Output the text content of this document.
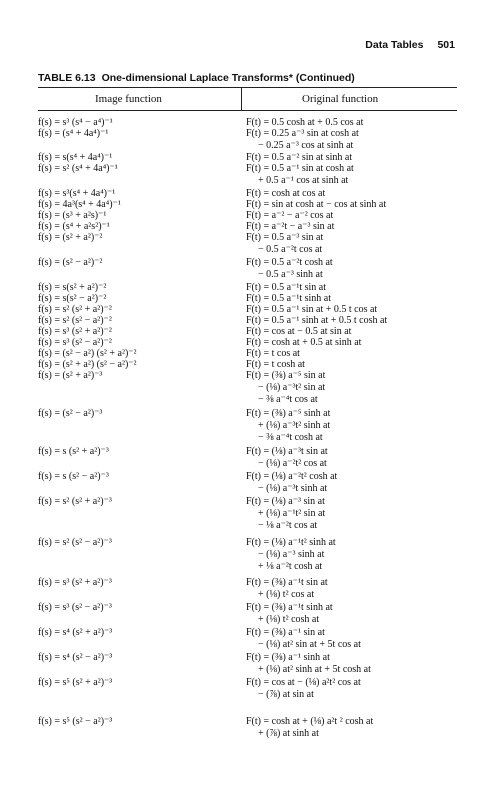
Data Tables 501
TABLE 6.13 One-dimensional Laplace Transforms* (Continued)
Image function	Original function
f(s) = s³ (s⁴ − a⁴)⁻¹	F(t) = 0.5 cosh at + 0.5 cos at
f(s) = (s⁴ + 4a⁴)⁻¹	F(t) = 0.25 a⁻³ sin at cosh at
− 0.25 a⁻³ cos at sinh at
f(s) = s(s⁴ + 4a⁴)⁻¹	F(t) = 0.5 a⁻² sin at sinh at
f(s) = s² (s⁴ + 4a⁴)⁻¹	F(t) = 0.5 a⁻¹ sin at cosh at
+ 0.5 a⁻¹ cos at sinh at
f(s) = s³(s⁴ + 4a⁴)⁻¹	F(t) = cosh at cos at
f(s) = 4a³(s⁴ + 4a⁴)⁻¹	F(t) = sin at cosh at − cos at sinh at
f(s) = (s³ + a²s)⁻¹	F(t) = a⁻² − a⁻² cos at
f(s) = (s⁴ + a²s²)⁻¹	F(t) = a⁻²t − a⁻³ sin at
f(s) = (s² + a²)⁻²	F(t) = 0.5 a⁻³ sin at
− 0.5 a⁻²t cos at
f(s) = (s² − a²)⁻²	F(t) = 0.5 a⁻²t cosh at
− 0.5 a⁻³ sinh at
f(s) = s(s² + a²)⁻²	F(t) = 0.5 a⁻¹t sin at
f(s) = s(s² − a²)⁻²	F(t) = 0.5 a⁻¹t sinh at
f(s) = s² (s² + a²)⁻²	F(t) = 0.5 a⁻¹ sin at + 0.5 t cos at
f(s) = s² (s² − a²)⁻²	F(t) = 0.5 a⁻¹ sinh at + 0.5 t cosh at
f(s) = s³ (s² + a²)⁻²	F(t) = cos at − 0.5 at sin at
f(s) = s³ (s² − a²)⁻²	F(t) = cosh at + 0.5 at sinh at
f(s) = (s² − a²) (s² + a²)⁻²	F(t) = t cos at
f(s) = (s² + a²) (s² − a²)⁻²	F(t) = t cosh at
f(s) = (s² + a²)⁻³	F(t) = (⅜) a⁻⁵ sin at
− (⅛) a⁻³t² sin at
− ⅜ a⁻⁴t cos at
f(s) = (s² − a²)⁻³	F(t) = (⅜) a⁻⁵ sinh at
+ (⅛) a⁻³t² sinh at
− ⅜ a⁻⁴t cosh at
f(s) = s (s² + a²)⁻³	F(t) = (⅛) a⁻³t sin at
− (⅛) a⁻²t² cos at
f(s) = s (s² − a²)⁻³	F(t) = (⅛) a⁻²t² cosh at
− (⅛) a⁻³t sinh at
f(s) = s² (s² + a²)⁻³	F(t) = (⅛) a⁻³ sin at
+ (⅛) a⁻¹t² sin at
− ⅛ a⁻²t cos at
f(s) = s² (s² − a²)⁻³	F(t) = (⅛) a⁻¹t² sinh at
− (⅛) a⁻³ sinh at
+ ⅛ a⁻²t cosh at
f(s) = s³ (s² + a²)⁻³	F(t) = (⅜) a⁻¹t sin at
+ (⅛) t² cos at
f(s) = s³ (s² − a²)⁻³	F(t) = (⅜) a⁻¹t sinh at
+ (⅛) t² cosh at
f(s) = s⁴ (s² + a²)⁻³	F(t) = (⅜) a⁻¹ sin at
− (⅛) at² sin at + 5t cos at
f(s) = s⁴ (s² − a²)⁻³	F(t) = (⅜) a⁻¹ sinh at
+ (⅛) at² sinh at + 5t cosh at
f(s) = s⁵ (s² + a²)⁻³	F(t) = cos at − (⅛) a²t² cos at
− (⅞) at sin at
f(s) = s⁵ (s² − a²)⁻³	F(t) = cosh at + (⅛) a²t ² cosh at
+ (⅞) at sinh at
